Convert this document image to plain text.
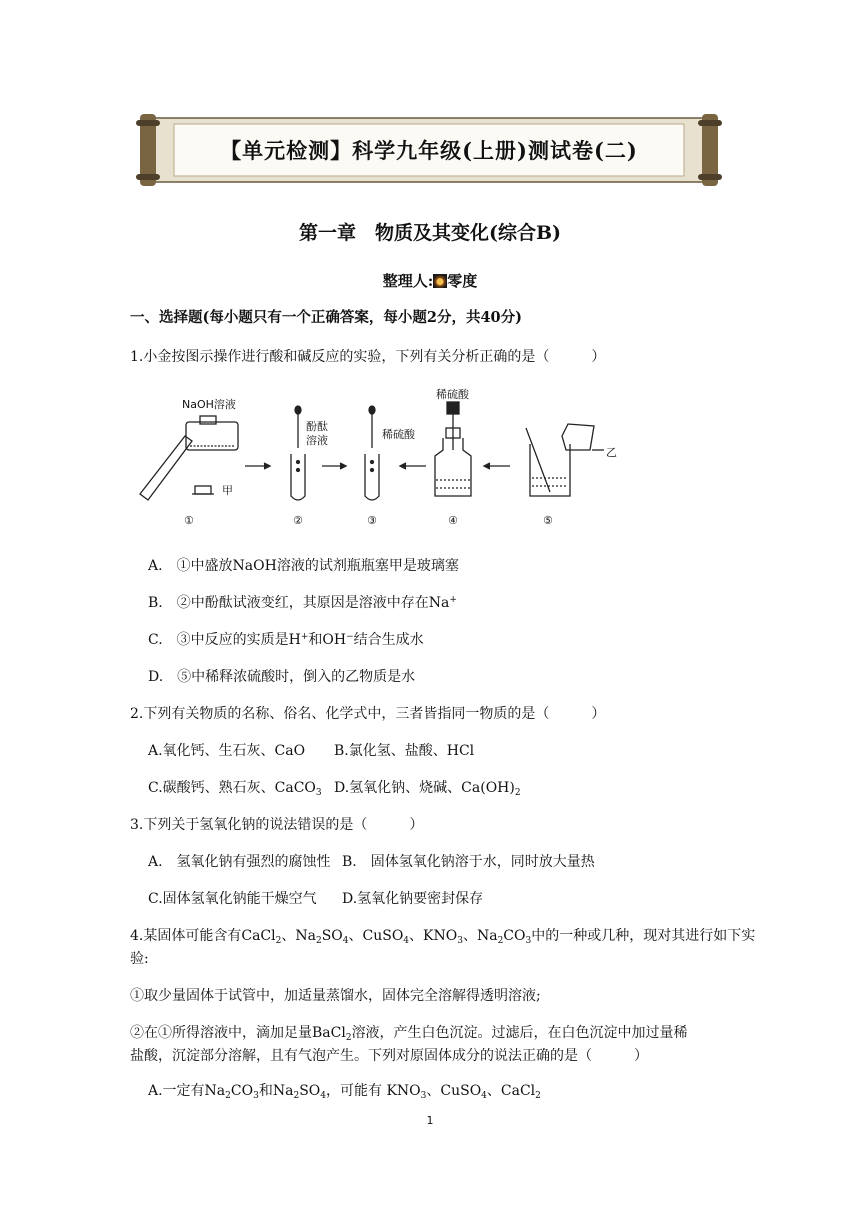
【单元检测】科学九年级(上册)测试卷(二)
第一章　物质及其变化(综合B)
整理人: 零度
一、选择题(每小题只有一个正确答案，每小题2分，共40分)
1.小金按图示操作进行酸和碱反应的实验，下列有关分析正确的是（　　　）
NaOH溶液
甲
酚酞
溶液	稀硫酸
稀硫酸
乙
①	②	③	④	⑤
A.　①中盛放NaOH溶液的试剂瓶瓶塞甲是玻璃塞
B.　②中酚酞试液变红，其原因是溶液中存在Na+
C.　③中反应的实质是H+和OH−结合生成水
D.　⑤中稀释浓硫酸时，倒入的乙物质是水
2.下列有关物质的名称、俗名、化学式中，三者皆指同一物质的是（　　　）
A.氧化钙、生石灰、CaO B.氯化氢、盐酸、HCl
C.碳酸钙、熟石灰、CaCO$_3$ D.氢氧化钠、烧碱、$Ca(OH)_2$
3.下列关于氢氧化钠的说法错误的是（　　　）
A.　氢氧化钠有强烈的腐蚀性 B.　固体氢氧化钠溶于水，同时放大量热
C.固体氢氧化钠能干燥空气 D.氢氧化钠要密封保存
4.某固体可能含有CaCl$_2$、$Na_2SO_4$、CuSO$_4$、$KNO_3$、$Na_2CO_3$中的一种或几种，现对其进行如下实
验:
①取少量固体于试管中，加适量蒸馏水，固体完全溶解得透明溶液;
②在①所得溶液中，滴加足量BaCl$_2$溶液，产生白色沉淀。过滤后，在白色沉淀中加过量稀
盐酸，沉淀部分溶解，且有气泡产生。下列对原固体成分的说法正确的是（　　　）
A.一定有$Na_2CO_3$和$Na_2SO_4$，可能有 $KNO_3$、CuSO$_4$、CaCl$_2$
1
